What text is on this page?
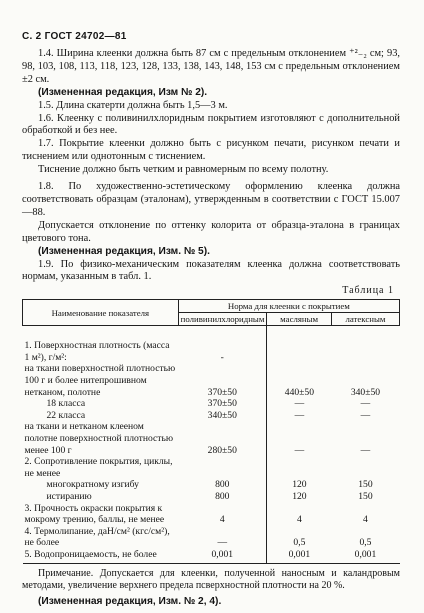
С. 2 ГОСТ 24702—81

1.4. Ширина клеенки должна быть 87 см с предельным отклонением ⁺²₋₂ см; 93, 98, 103, 108, 113, 118, 123, 128, 133, 138, 143, 148, 153 см с предельным отклонением ±2 см.

(Измененная редакция, Изм № 2).

1.5. Длина скатерти должна быть 1,5—3 м.

1.6. Клеенку с поливинилхлоридным покрытием изготовляют с дополнительной обработкой и без нее.

1.7. Покрытие клеенки должно быть с рисунком печати, рисунком печати и тиснением или однотонным с тиснением.

Тиснение должно быть четким и равномерным по всему полотну.

1.8. По художественно-эстетическому оформлению клеенка должна соответствовать образцам (эталонам), утвержденным в соответствии с ГОСТ 15.007—88.

Допускается отклонение по оттенку колорита от образца-эталона в границах цветового тона.

(Измененная редакция, Изм. № 5).

1.9. По физико-механическим показателям клеенка должна соответствовать нормам, указанным в табл. 1.

Таблица 1
Наименование показателя	Норма для клеенки с покрытием		
	поливинилхлоридным	масляным	латексным
1. Поверхностная плотность (масса 1 м²), г/м²:	-		
на ткани поверхностной плотностью 100 г и более нитепрошивном нетканом, полотне	370±50	440±50	340±50
18 класса	370±50	—	—
22 класса	340±50	—	—
на ткани и нетканом клееном полотне поверхностной плотностью менее 100 г	280±50	—	—
2. Сопротивление покрытия, циклы, не менее			
многократному изгибу	800	120	150
истиранию	800	120	150
3. Прочность окраски покрытия к мокрому трению, баллы, не менее	4	4	4
4. Термолипание, даН/см² (кгс/см²), не более	—	0,5	0,5
5. Водопроницаемость, не более	0,001	0,001	0,001

Примечание. Допускается для клеенки, полученной наносным и каландровым методами, увеличение верхнего предела псверхностной плотности на 20 %.

(Измененная редакция, Изм. № 2, 4).
